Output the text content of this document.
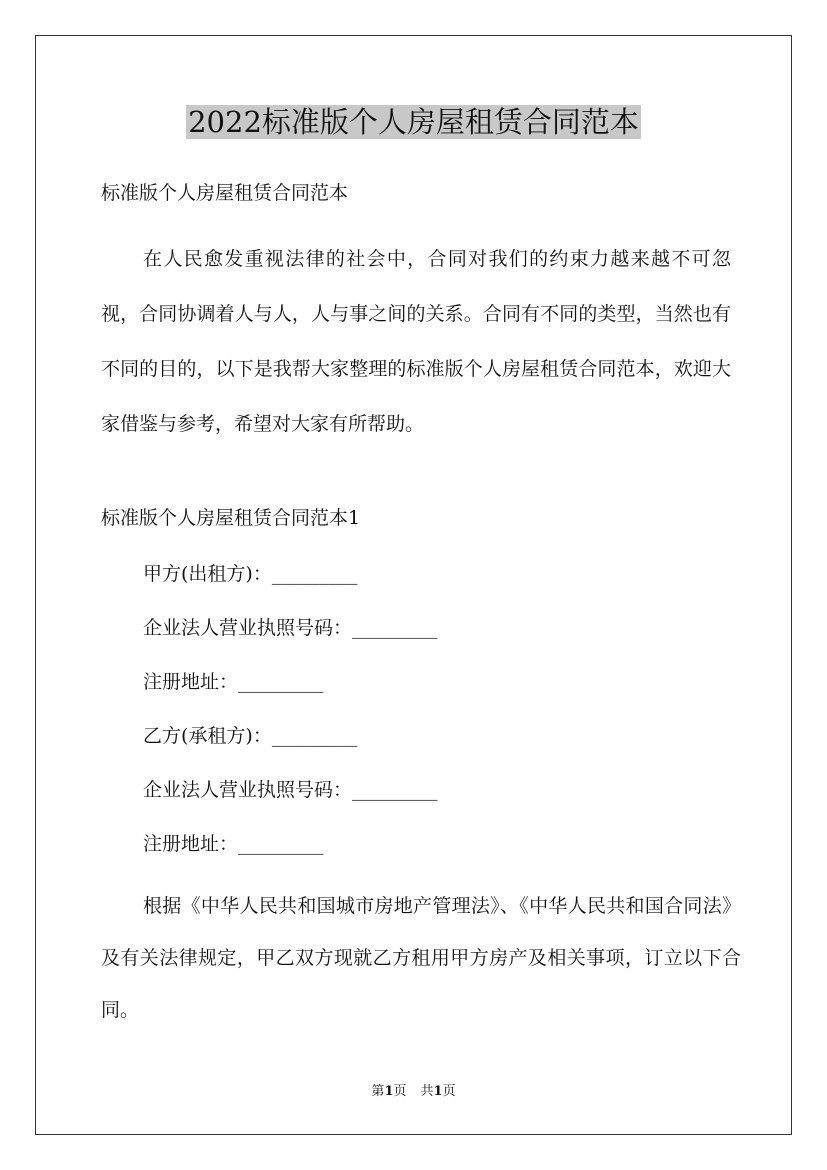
2022标准版个人房屋租赁合同范本
标准版个人房屋租赁合同范本

在人民愈发重视法律的社会中，合同对我们的约束力越来越不可忽视，合同协调着人与人，人与事之间的关系。合同有不同的类型，当然也有不同的目的，以下是我帮大家整理的标准版个人房屋租赁合同范本，欢迎大家借鉴与参考，希望对大家有所帮助。

标准版个人房屋租赁合同范本1
甲方(出租方)：_________
企业法人营业执照号码：_________
注册地址：_________
乙方(承租方)：_________
企业法人营业执照号码：_________
注册地址：_________

根据《中华人民共和国城市房地产管理法》、《中华人民共和国合同法》及有关法律规定，甲乙双方现就乙方租用甲方房产及相关事项，订立以下合同。

第1页 共1页
